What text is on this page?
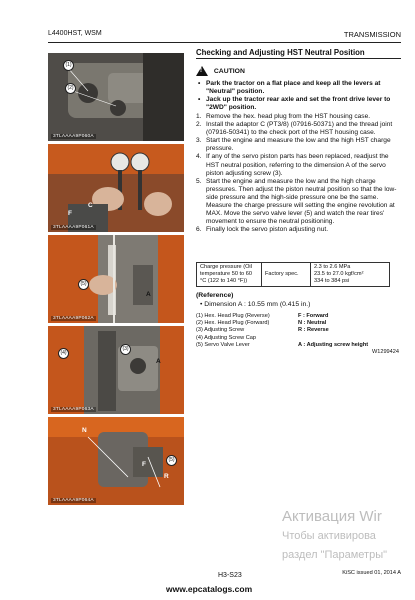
L4400HST, WSM	TRANSMISSION
(1)
(2)
3TLAAAA9P060A
C
F
3TLAAAA9P061A
(5)
A
3TLAAAA9P062A
(4)
(3)
A
3TLAAAA9P063A
N
(5)
F
R
3TLAAAA9P064A
Checking and Adjusting HST Neutral Position
! CAUTION
• Park the tractor on a flat place and keep all the levers at "Neutral" position.
• Jack up the tractor rear axle and set the front drive lever to "2WD" position.
1. Remove the hex. head plug from the HST housing case.
2. Install the adaptor C (PT3/8) (07916-50371) and the thread joint (07916-50341) to the check port of the HST housing case.
3. Start the engine and measure the low and the high HST charge pressure.
4. If any of the servo piston parts has been replaced, readjust the HST neutral position, referring to the dimension A of the servo piston adjusting screw (3).
5. Start the engine and measure the low and the high charge pressures. Then adjust the piston neutral position so that the low-side pressure and the high-side pressure one be the same. Measure the charge pressure will setting the engine revolution at MAX. Move the servo valve lever (5) and watch the rear tires' movement to ensure the neutral positioning.
6. Finally lock the servo piston adjusting nut.
Charge pressure (Oil temperature 50 to 60 °C (122 to 140 °F))	Factory spec.	
2.3 to 2.6 MPa
23.5 to 27.0 kgf/cm²
334 to 384 psi
(Reference)
• Dimension A : 10.55 mm (0.415 in.)
(1) Hex. Head Plug (Reverse)	F : Forward
(2) Hex. Head Plug (Forward)	N : Neutral
(3) Adjusting Screw	R : Reverse
(4) Adjusting Screw Cap
(5) Servo Valve Lever	A : Adjusting screw height
W1299424
Активация Wir
Чтобы активирова
раздел "Параметры"
H3-S23	KiSC issued 01, 2014 A
www.epcatalogs.com
